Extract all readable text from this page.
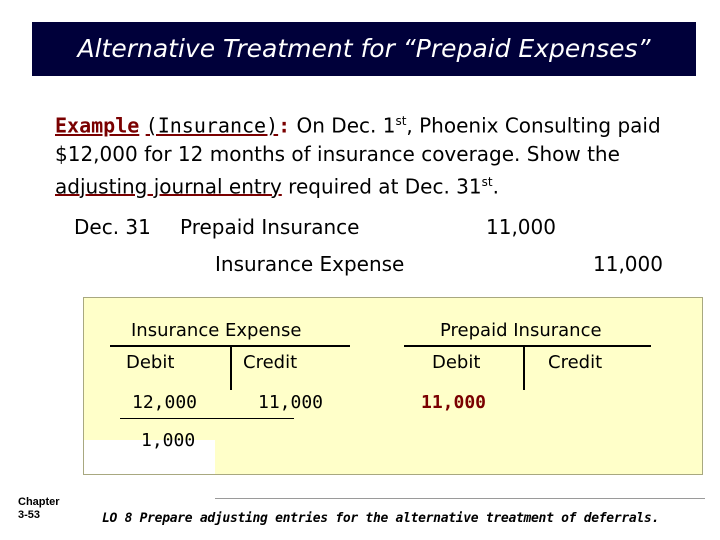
Alternative Treatment for “Prepaid Expenses”
Example (Insurance): On Dec. 1st, Phoenix Consulting paid
$12,000 for 12 months of insurance coverage. Show the
adjusting journal entry required at Dec. 31st.
Dec. 31 Prepaid Insurance	11,000
Insurance Expense	11,000
Insurance Expense
Debit	Credit
12,000	11,000
1,000
Prepaid Insurance
Debit	Credit
11,000
Chapter
3-53	LO 8 Prepare adjusting entries for the alternative treatment of deferrals.
